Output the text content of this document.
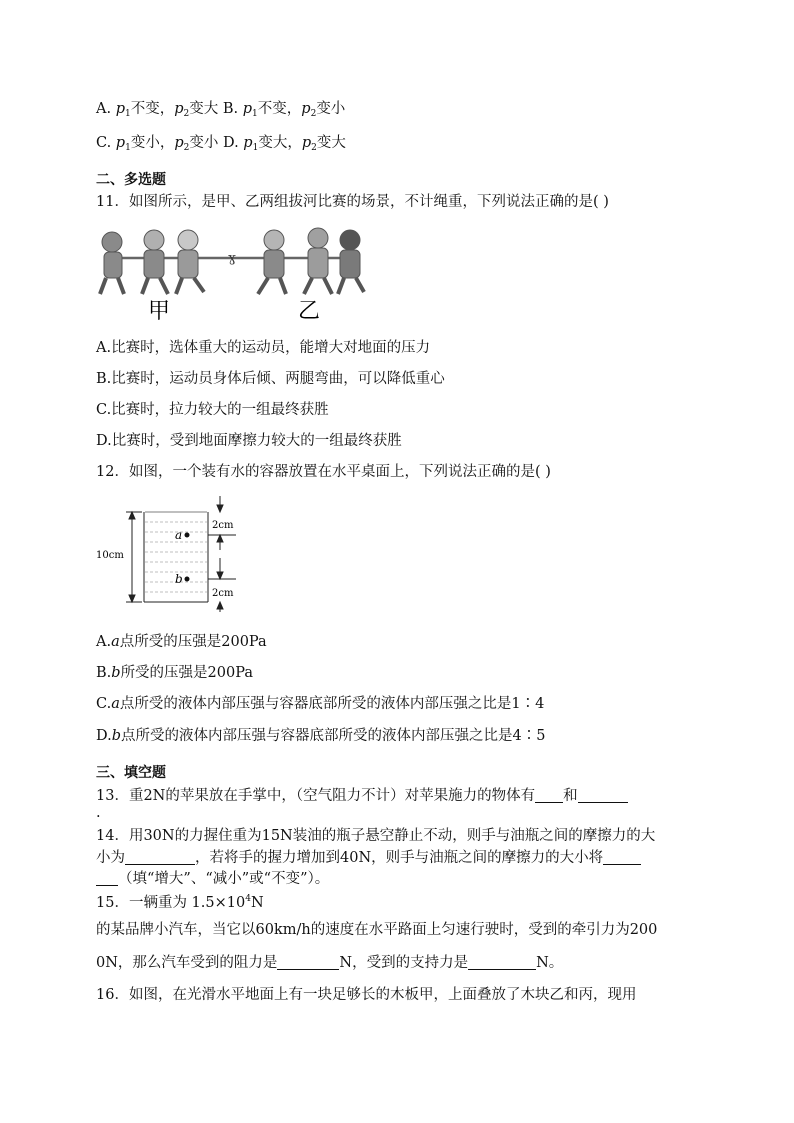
A. $p_1$不变，$p_2$变大 B. $p_1$不变，$p_2$变小
C. $p_1$变小，$p_2$变小 D. $p_1$变大，$p_2$变大
二、多选题
11．如图所示，是甲、乙两组拔河比赛的场景，不计绳重，下列说法正确的是( )
ɣ
甲	乙
A.比赛时，选体重大的运动员，能增大对地面的压力
B.比赛时，运动员身体后倾、两腿弯曲，可以降低重心
C.比赛时，拉力较大的一组最终获胜
D.比赛时，受到地面摩擦力较大的一组最终获胜
12．如图，一个装有水的容器放置在水平桌面上，下列说法正确的是( )
10cm
a
b
2cm
2cm
A.a点所受的压强是200Pa
B.b所受的压强是200Pa
C.a点所受的液体内部压强与容器底部所受的液体内部压强之比是1∶4
D.b点所受的液体内部压强与容器底部所受的液体内部压强之比是4∶5
三、填空题
13．重2N的苹果放在手掌中，（空气阻力不计）对苹果施力的物体有 和
.
14．用30N的力握住重为15N装油的瓶子悬空静止不动，则手与油瓶之间的摩擦力的大
小为	，若将手的握力增加到40N，则手与油瓶之间的摩擦力的大小将
（填“增大”、“减小”或“不变”）。
15．一辆重为 $1.5\times 10^4N$
的某品牌小汽车，当它以60km/h的速度在水平路面上匀速行驶时，受到的牵引力为200
0N，那么汽车受到的阻力是	N，受到的支持力是	N。
16．如图，在光滑水平地面上有一块足够长的木板甲，上面叠放了木块乙和丙，现用
